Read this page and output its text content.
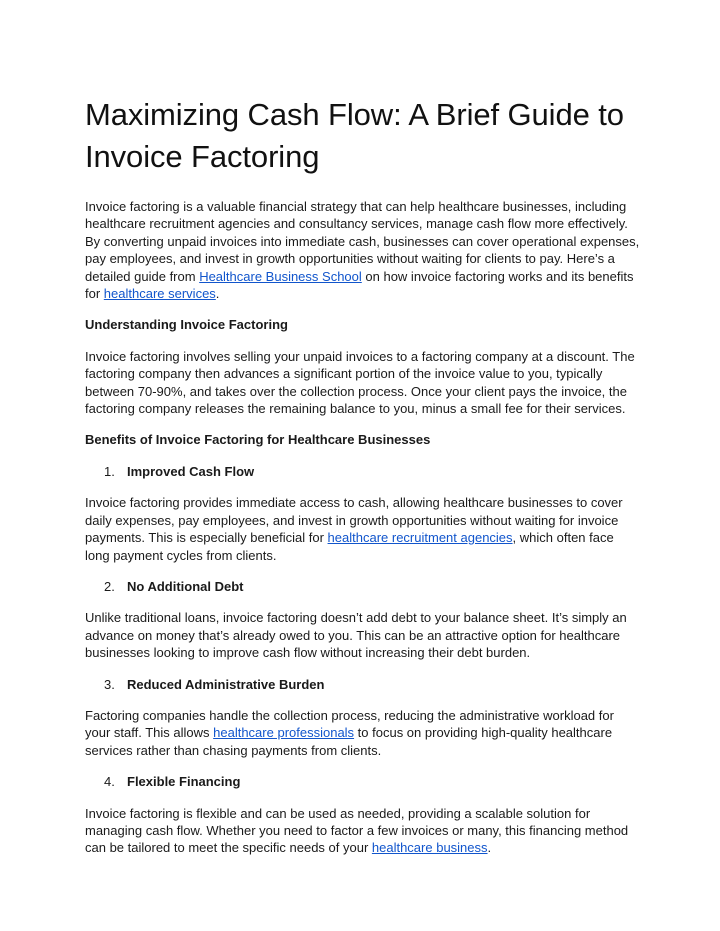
Maximizing Cash Flow: A Brief Guide to Invoice Factoring

Invoice factoring is a valuable financial strategy that can help healthcare businesses, including healthcare recruitment agencies and consultancy services, manage cash flow more effectively. By converting unpaid invoices into immediate cash, businesses can cover operational expenses, pay employees, and invest in growth opportunities without waiting for clients to pay. Here’s a detailed guide from Healthcare Business School on how invoice factoring works and its benefits for healthcare services.

Understanding Invoice Factoring

Invoice factoring involves selling your unpaid invoices to a factoring company at a discount. The factoring company then advances a significant portion of the invoice value to you, typically between 70-90%, and takes over the collection process. Once your client pays the invoice, the factoring company releases the remaining balance to you, minus a small fee for their services.

Benefits of Invoice Factoring for Healthcare Businesses
1. Improved Cash Flow

Invoice factoring provides immediate access to cash, allowing healthcare businesses to cover daily expenses, pay employees, and invest in growth opportunities without waiting for invoice payments. This is especially beneficial for healthcare recruitment agencies, which often face long payment cycles from clients.

2. No Additional Debt

Unlike traditional loans, invoice factoring doesn’t add debt to your balance sheet. It’s simply an advance on money that’s already owed to you. This can be an attractive option for healthcare businesses looking to improve cash flow without increasing their debt burden.

3. Reduced Administrative Burden

Factoring companies handle the collection process, reducing the administrative workload for your staff. This allows healthcare professionals to focus on providing high-quality healthcare services rather than chasing payments from clients.

4. Flexible Financing

Invoice factoring is flexible and can be used as needed, providing a scalable solution for managing cash flow. Whether you need to factor a few invoices or many, this financing method can be tailored to meet the specific needs of your healthcare business.
